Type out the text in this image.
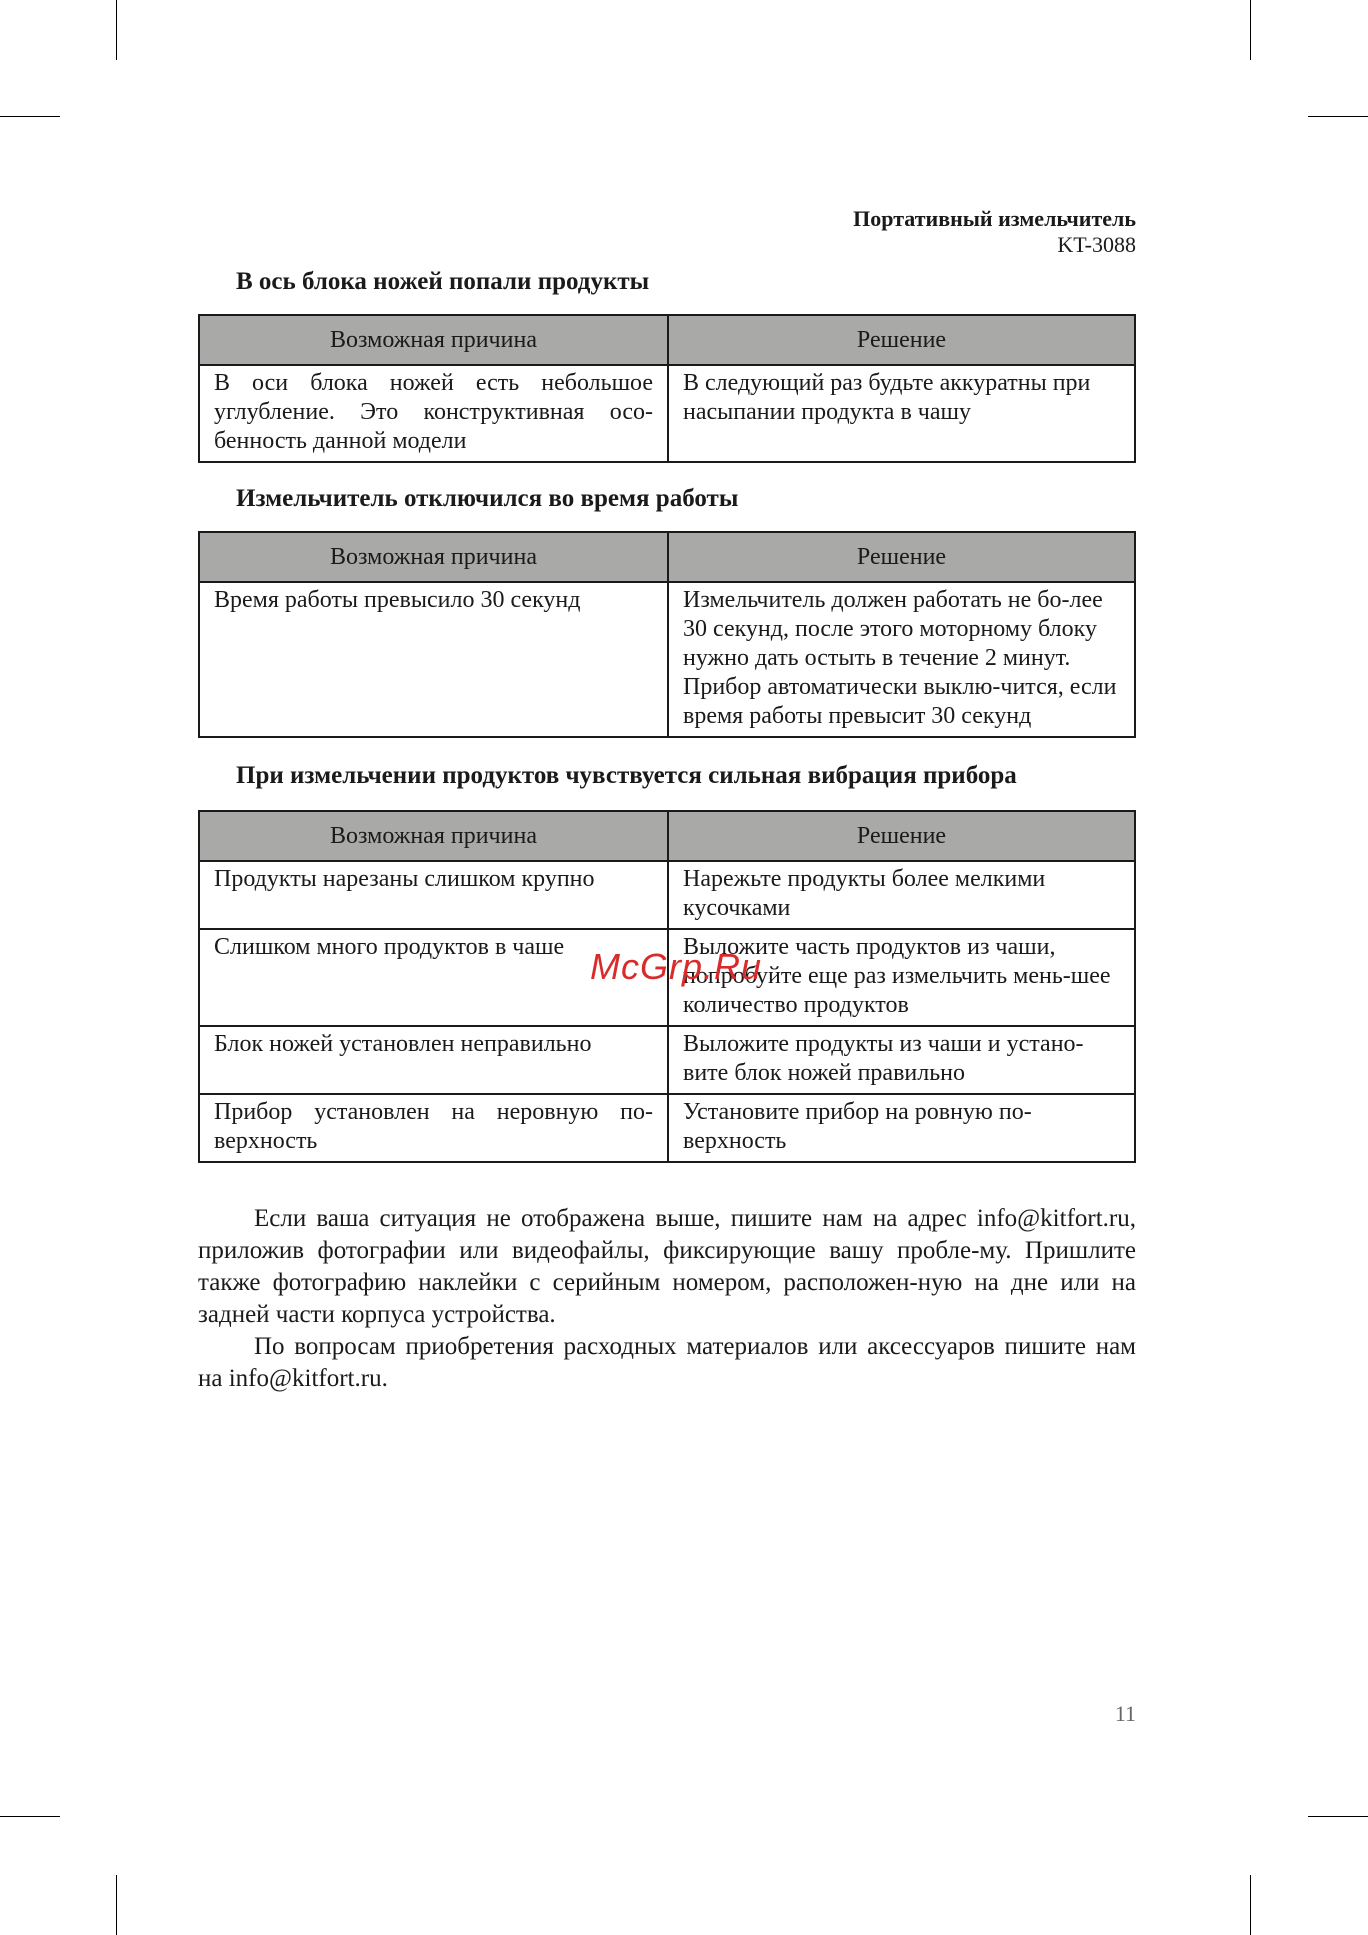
Портативный измельчитель
KT-3088
В ось блока ножей попали продукты
Возможная причина	Решение
В оси блока ножей есть небольшое углубление. Это конструктивная осо-бенность данной модели	В следующий раз будьте аккуратны при насыпании продукта в чашу
Измельчитель отключился во время работы
Возможная причина	Решение
Время работы превысило 30 секунд	Измельчитель должен работать не бо-лее 30 секунд, после этого моторному блоку нужно дать остыть в течение 2 минут. Прибор автоматически выклю-чится, если время работы превысит 30 секунд
При измельчении продуктов чувствуется сильная вибрация прибора
Возможная причина	Решение
Продукты нарезаны слишком крупно	Нарежьте продукты более мелкими кусочками
Слишком много продуктов в чаше	Выложите часть продуктов из чаши, попробуйте еще раз измельчить мень-шее количество продуктов
Блок ножей установлен неправильно	Выложите продукты из чаши и устано-вите блок ножей правильно
Прибор установлен на неровную по-верхность	Установите прибор на ровную по-верхность

Если ваша ситуация не отображена выше, пишите нам на адрес info@kitfort.ru, приложив фотографии или видеофайлы, фиксирующие вашу пробле-му. Пришлите также фотографию наклейки с серийным номером, расположен-ную на дне или на задней части корпуса устройства.

По вопросам приобретения расходных материалов или аксессуаров пишите нам на info@kitfort.ru.

McGrp.Ru
11
